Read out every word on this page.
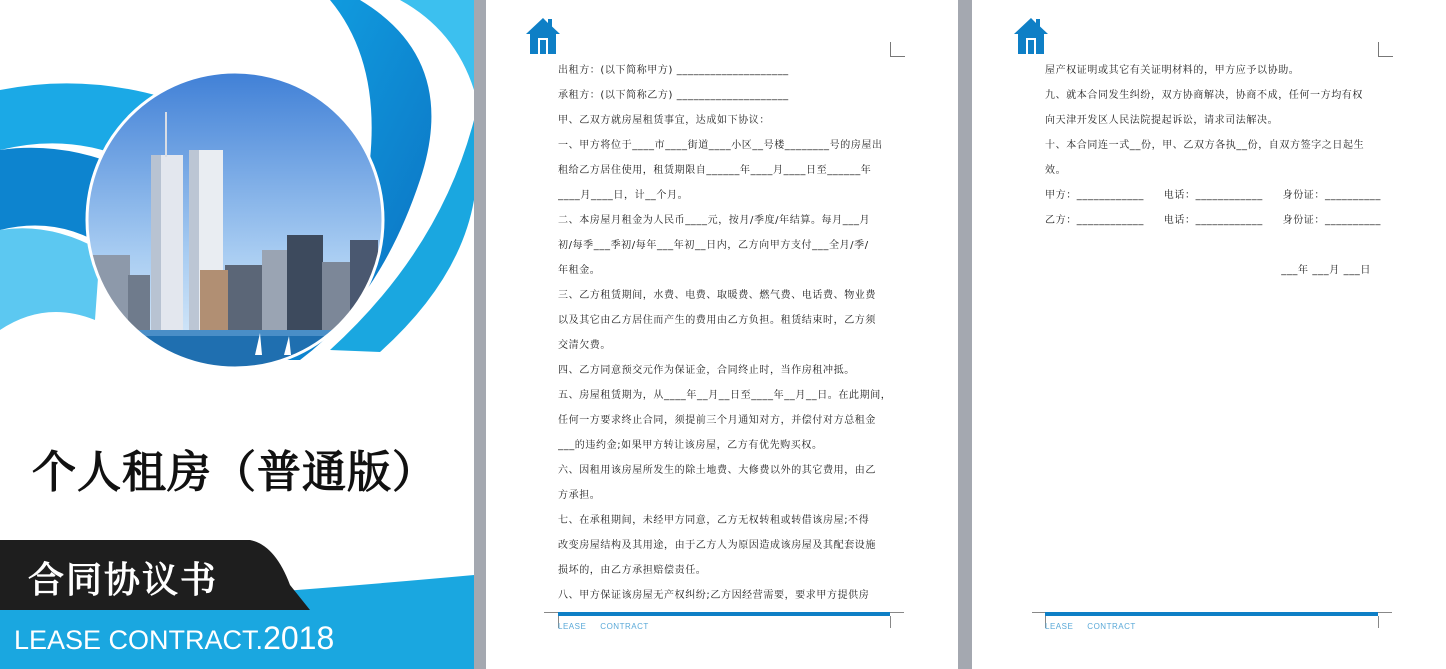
个人租房（普通版）
合同协议书
LEASE CONTRACT.2018
出租方：(以下简称甲方) ____________________
承租方：(以下简称乙方) ____________________
甲、乙双方就房屋租赁事宜，达成如下协议：
一、甲方将位于____市____街道____小区__号楼________号的房屋出
租给乙方居住使用，租赁期限自______年____月____日至______年
____月____日，计__个月。
二、本房屋月租金为人民币____元，按月/季度/年结算。每月___月
初/每季___季初/每年___年初__日内，乙方向甲方支付___全月/季/
年租金。
三、乙方租赁期间，水费、电费、取暖费、燃气费、电话费、物业费
以及其它由乙方居住而产生的费用由乙方负担。租赁结束时，乙方须
交清欠费。
四、乙方同意预交元作为保证金，合同终止时，当作房租冲抵。
五、房屋租赁期为，从____年__月__日至____年__月__日。在此期间，
任何一方要求终止合同，须提前三个月通知对方，并偿付对方总租金
___的违约金;如果甲方转让该房屋，乙方有优先购买权。
六、因租用该房屋所发生的除土地费、大修费以外的其它费用，由乙
方承担。
七、在承租期间，未经甲方同意，乙方无权转租或转借该房屋;不得
改变房屋结构及其用途，由于乙方人为原因造成该房屋及其配套设施
损坏的，由乙方承担赔偿责任。
八、甲方保证该房屋无产权纠纷;乙方因经营需要，要求甲方提供房
LEASE CONTRACT
屋产权证明或其它有关证明材料的，甲方应予以协助。
九、就本合同发生纠纷，双方协商解决，协商不成，任何一方均有权
向天津开发区人民法院提起诉讼，请求司法解决。
十、本合同连一式__份，甲、乙双方各执__份，自双方签字之日起生
效。
甲方：____________ 电话：____________ 身份证：__________
乙方：____________ 电话：____________ 身份证：__________
___年 ___月 ___日
LEASE CONTRACT
